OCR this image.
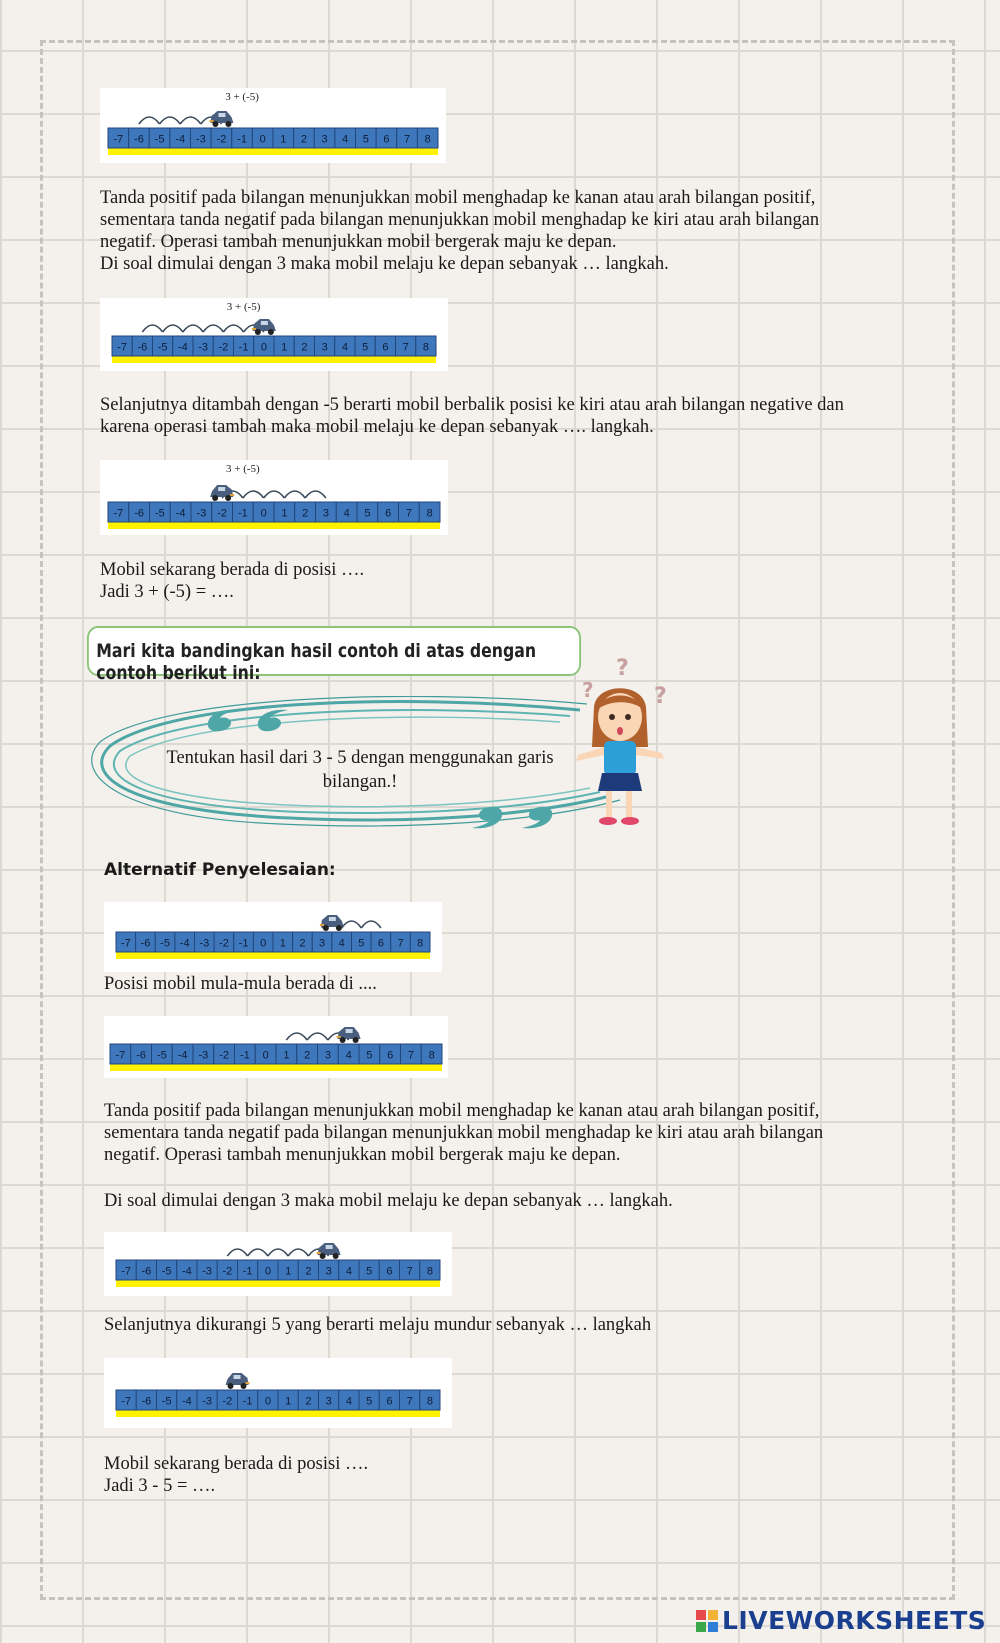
-7 -6 -5 -4 -3 -2 -1 0 1 2 3 4 5 6 7 8
3 + (-5)

Tanda positif pada bilangan menunjukkan mobil menghadap ke kanan atau arah bilangan positif, sementara tanda negatif pada bilangan menunjukkan mobil menghadap ke kiri atau arah bilangan negatif. Operasi tambah menunjukkan mobil bergerak maju ke depan.

Di soal dimulai dengan 3 maka mobil melaju ke depan sebanyak … langkah.

-7 -6 -5 -4 -3 -2 -1 0 1 2 3 4 5 6 7 8
3 + (-5)

Selanjutnya ditambah dengan -5 berarti mobil berbalik posisi ke kiri atau arah bilangan negative dan karena operasi tambah maka mobil melaju ke depan sebanyak …. langkah.

-7 -6 -5 -4 -3 -2 -1 0 1 2 3 4 5 6 7 8
3 + (-5)

Mobil sekarang berada di posisi ….

Jadi 3 + (-5) = ….

Mari kita bandingkan hasil contoh di atas dengan contoh berikut ini:
Tentukan hasil dari 3 - 5 dengan menggunakan garis bilangan.!
?
?
?
Alternatif Penyelesaian:
-7 -6 -5 -4 -3 -2 -1 0 1 2 3 4 5 6 7 8

Posisi mobil mula-mula berada di ....

-7 -6 -5 -4 -3 -2 -1 0 1 2 3 4 5 6 7 8

Tanda positif pada bilangan menunjukkan mobil menghadap ke kanan atau arah bilangan positif, sementara tanda negatif pada bilangan menunjukkan mobil menghadap ke kiri atau arah bilangan negatif. Operasi tambah menunjukkan mobil bergerak maju ke depan.

Di soal dimulai dengan 3 maka mobil melaju ke depan sebanyak … langkah.

-7 -6 -5 -4 -3 -2 -1 0 1 2 3 4 5 6 7 8

Selanjutnya dikurangi 5 yang berarti melaju mundur sebanyak … langkah

-7 -6 -5 -4 -3 -2 -1 0 1 2 3 4 5 6 7 8

Mobil sekarang berada di posisi ….

Jadi 3 - 5 = ….

LIVEWORKSHEETS
